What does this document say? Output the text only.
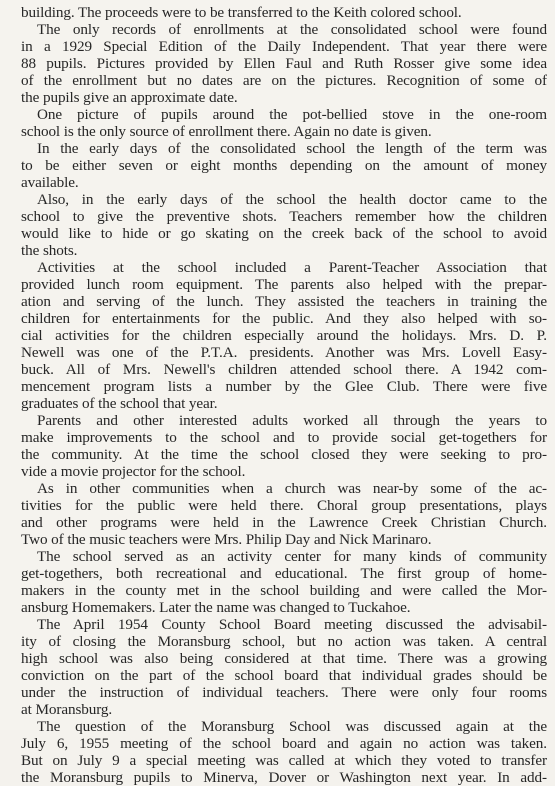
building. The proceeds were to be transferred to the Keith colored school.
The only records of enrollments at the consolidated school were found
in a 1929 Special Edition of the Daily Independent. That year there were
88 pupils. Pictures provided by Ellen Faul and Ruth Rosser give some idea
of the enrollment but no dates are on the pictures. Recognition of some of
the pupils give an approximate date.
One picture of pupils around the pot-bellied stove in the one-room
school is the only source of enrollment there. Again no date is given.
In the early days of the consolidated school the length of the term was
to be either seven or eight months depending on the amount of money
available.
Also, in the early days of the school the health doctor came to the
school to give the preventive shots. Teachers remember how the children
would like to hide or go skating on the creek back of the school to avoid
the shots.
Activities at the school included a Parent-Teacher Association that
provided lunch room equipment. The parents also helped with the prepar-
ation and serving of the lunch. They assisted the teachers in training the
children for entertainments for the public. And they also helped with so-
cial activities for the children especially around the holidays. Mrs. D. P.
Newell was one of the P.T.A. presidents. Another was Mrs. Lovell Easy-
buck. All of Mrs. Newell's children attended school there. A 1942 com-
mencement program lists a number by the Glee Club. There were five
graduates of the school that year.
Parents and other interested adults worked all through the years to
make improvements to the school and to provide social get-togethers for
the community. At the time the school closed they were seeking to pro-
vide a movie projector for the school.
As in other communities when a church was near-by some of the ac-
tivities for the public were held there. Choral group presentations, plays
and other programs were held in the Lawrence Creek Christian Church.
Two of the music teachers were Mrs. Philip Day and Nick Marinaro.
The school served as an activity center for many kinds of community
get-togethers, both recreational and educational. The first group of home-
makers in the county met in the school building and were called the Mor-
ansburg Homemakers. Later the name was changed to Tuckahoe.
The April 1954 County School Board meeting discussed the advisabil-
ity of closing the Moransburg school, but no action was taken. A central
high school was also being considered at that time. There was a growing
conviction on the part of the school board that individual grades should be
under the instruction of individual teachers. There were only four rooms
at Moransburg.
The question of the Moransburg School was discussed again at the
July 6, 1955 meeting of the school board and again no action was taken.
But on July 9 a special meeting was called at which they voted to transfer
the Moransburg pupils to Minerva, Dover or Washington next year. In add-
